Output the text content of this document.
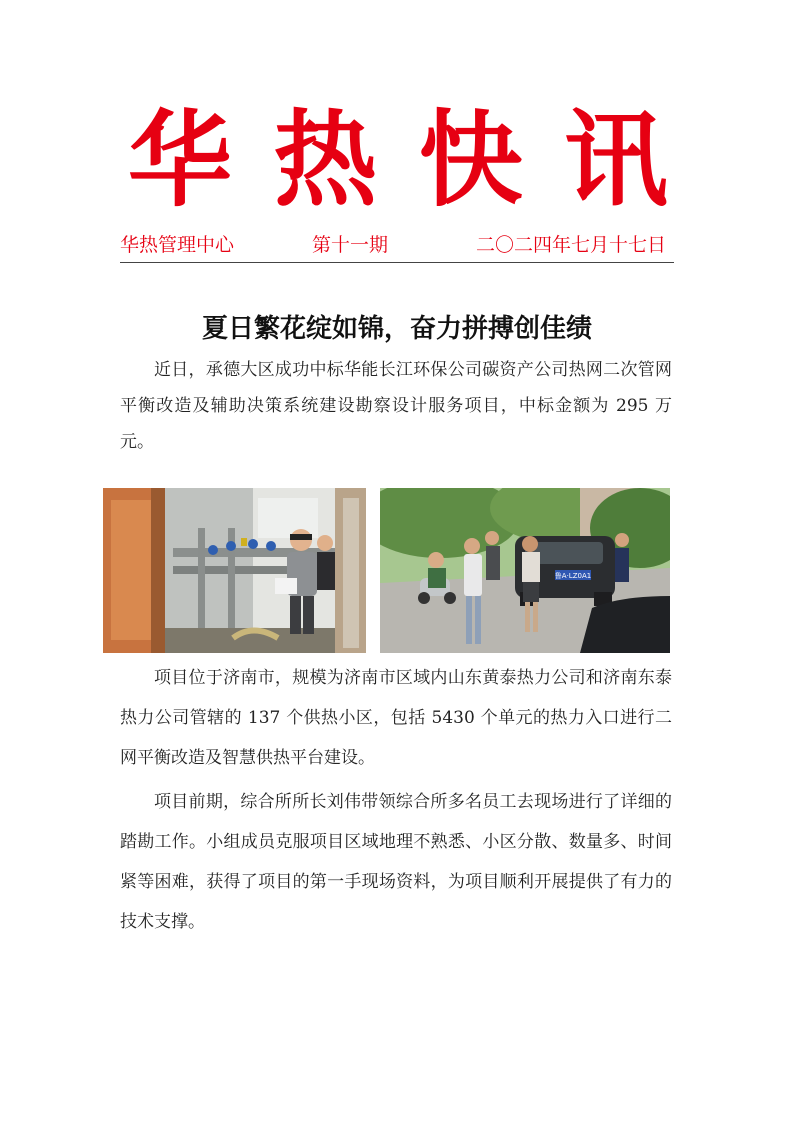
华 热 快 讯
华热管理中心	第十一期	二〇二四年七月十七日
夏日繁花绽如锦，奋力拼搏创佳绩

近日，承德大区成功中标华能长江环保公司碳资产公司热网二次管网平衡改造及辅助决策系统建设勘察设计服务项目，中标金额为 295 万元。

鲁A·LZ0A1

项目位于济南市，规模为济南市区域内山东黄泰热力公司和济南东泰热力公司管辖的 137 个供热小区，包括 5430 个单元的热力入口进行二网平衡改造及智慧供热平台建设。

项目前期，综合所所长刘伟带领综合所多名员工去现场进行了详细的踏勘工作。小组成员克服项目区域地理不熟悉、小区分散、数量多、时间紧等困难，获得了项目的第一手现场资料，为项目顺利开展提供了有力的技术支撑。
